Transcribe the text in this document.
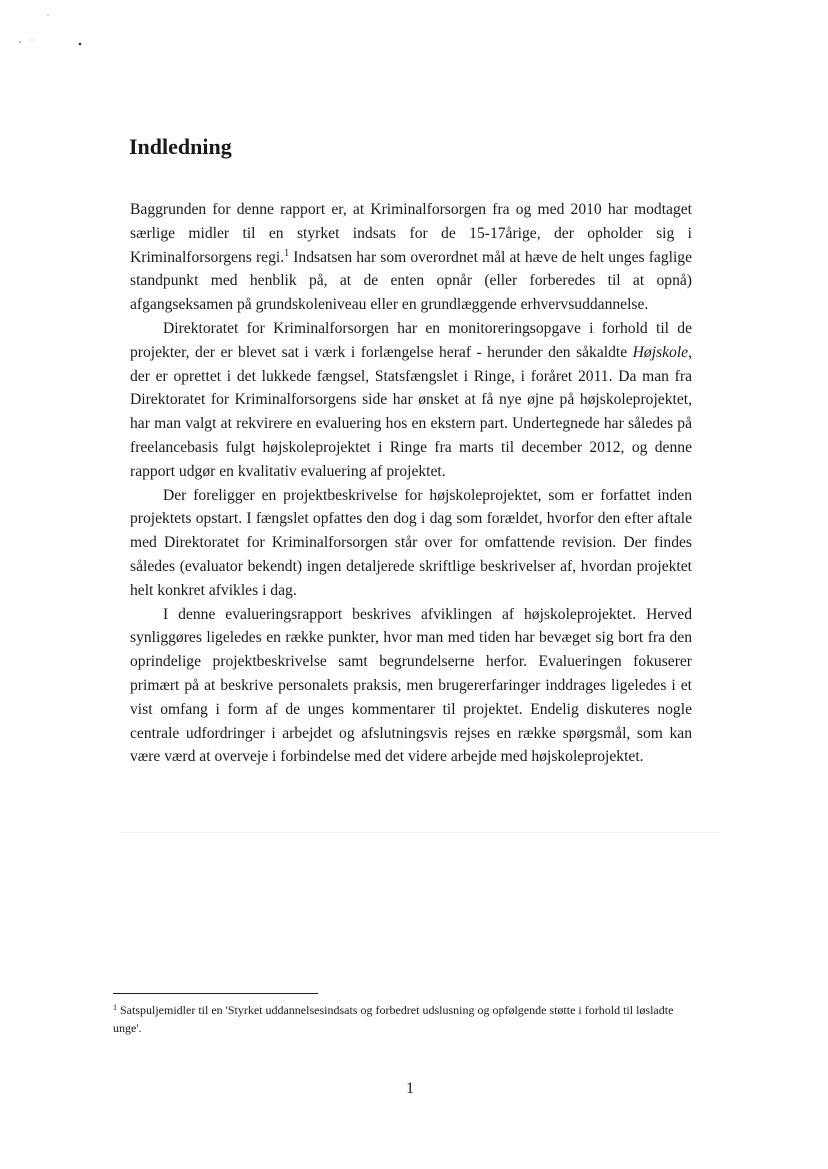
Indledning

Baggrunden for denne rapport er, at Kriminalforsorgen fra og med 2010 har modtaget særlige midler til en styrket indsats for de 15-17årige, der opholder sig i Kriminalforsorgens regi.$^1$ Indsatsen har som overordnet mål at hæve de helt unges faglige standpunkt med henblik på, at de enten opnår (eller forberedes til at opnå) afgangseksamen på grundskoleniveau eller en grundlæggende erhvervsuddannelse.

Direktoratet for Kriminalforsorgen har en monitoreringsopgave i forhold til de projekter, der er blevet sat i værk i forlængelse heraf - herunder den såkaldte Højskole, der er oprettet i det lukkede fængsel, Statsfængslet i Ringe, i foråret 2011. Da man fra Direktoratet for Kriminalforsorgens side har ønsket at få nye øjne på højskoleprojektet, har man valgt at rekvirere en evaluering hos en ekstern part. Undertegnede har således på freelancebasis fulgt højskoleprojektet i Ringe fra marts til december 2012, og denne rapport udgør en kvalitativ evaluering af projektet.

Der foreligger en projektbeskrivelse for højskoleprojektet, som er forfattet inden projektets opstart. I fængslet opfattes den dog i dag som forældet, hvorfor den efter aftale med Direktoratet for Kriminalforsorgen står over for omfattende revision. Der findes således (evaluator bekendt) ingen detaljerede skriftlige beskrivelser af, hvordan projektet helt konkret afvikles i dag.

I denne evalueringsrapport beskrives afviklingen af højskoleprojektet. Herved synliggøres ligeledes en række punkter, hvor man med tiden har bevæget sig bort fra den oprindelige projektbeskrivelse samt begrundelserne herfor. Evalueringen fokuserer primært på at beskrive personalets praksis, men brugererfaringer inddrages ligeledes i et vist omfang i form af de unges kommentarer til projektet. Endelig diskuteres nogle centrale udfordringer i arbejdet og afslutningsvis rejses en række spørgsmål, som kan være værd at overveje i forbindelse med det videre arbejde med højskoleprojektet.

$^1$ Satspuljemidler til en 'Styrket uddannelsesindsats og forbedret udslusning og opfølgende støtte i forhold til løsladte unge'.
1
